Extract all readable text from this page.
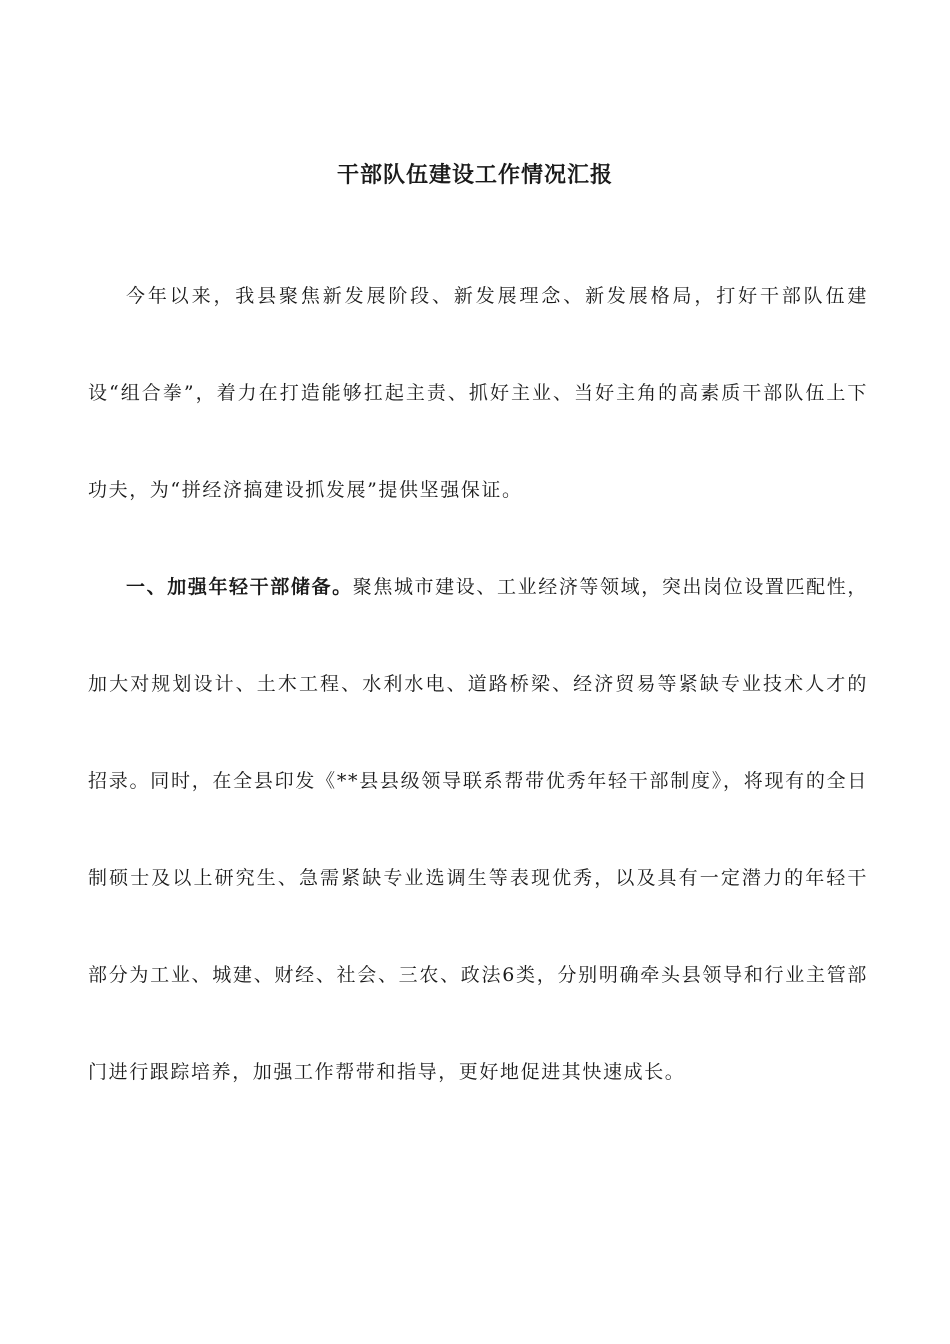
干部队伍建设工作情况汇报

今年以来，我县聚焦新发展阶段、新发展理念、新发展格局，打好干部队伍建设“组合拳”，着力在打造能够扛起主责、抓好主业、当好主角的高素质干部队伍上下功夫，为“拼经济搞建设抓发展”提供坚强保证。

一、加强年轻干部储备。聚焦城市建设、工业经济等领域，突出岗位设置匹配性，加大对规划设计、土木工程、水利水电、道路桥梁、经济贸易等紧缺专业技术人才的招录。同时，在全县印发《**县县级领导联系帮带优秀年轻干部制度》，将现有的全日制硕士及以上研究生、急需紧缺专业选调生等表现优秀，以及具有一定潜力的年轻干部分为工业、城建、财经、社会、三农、政法6类，分别明确牵头县领导和行业主管部门进行跟踪培养，加强工作帮带和指导，更好地促进其快速成长。
